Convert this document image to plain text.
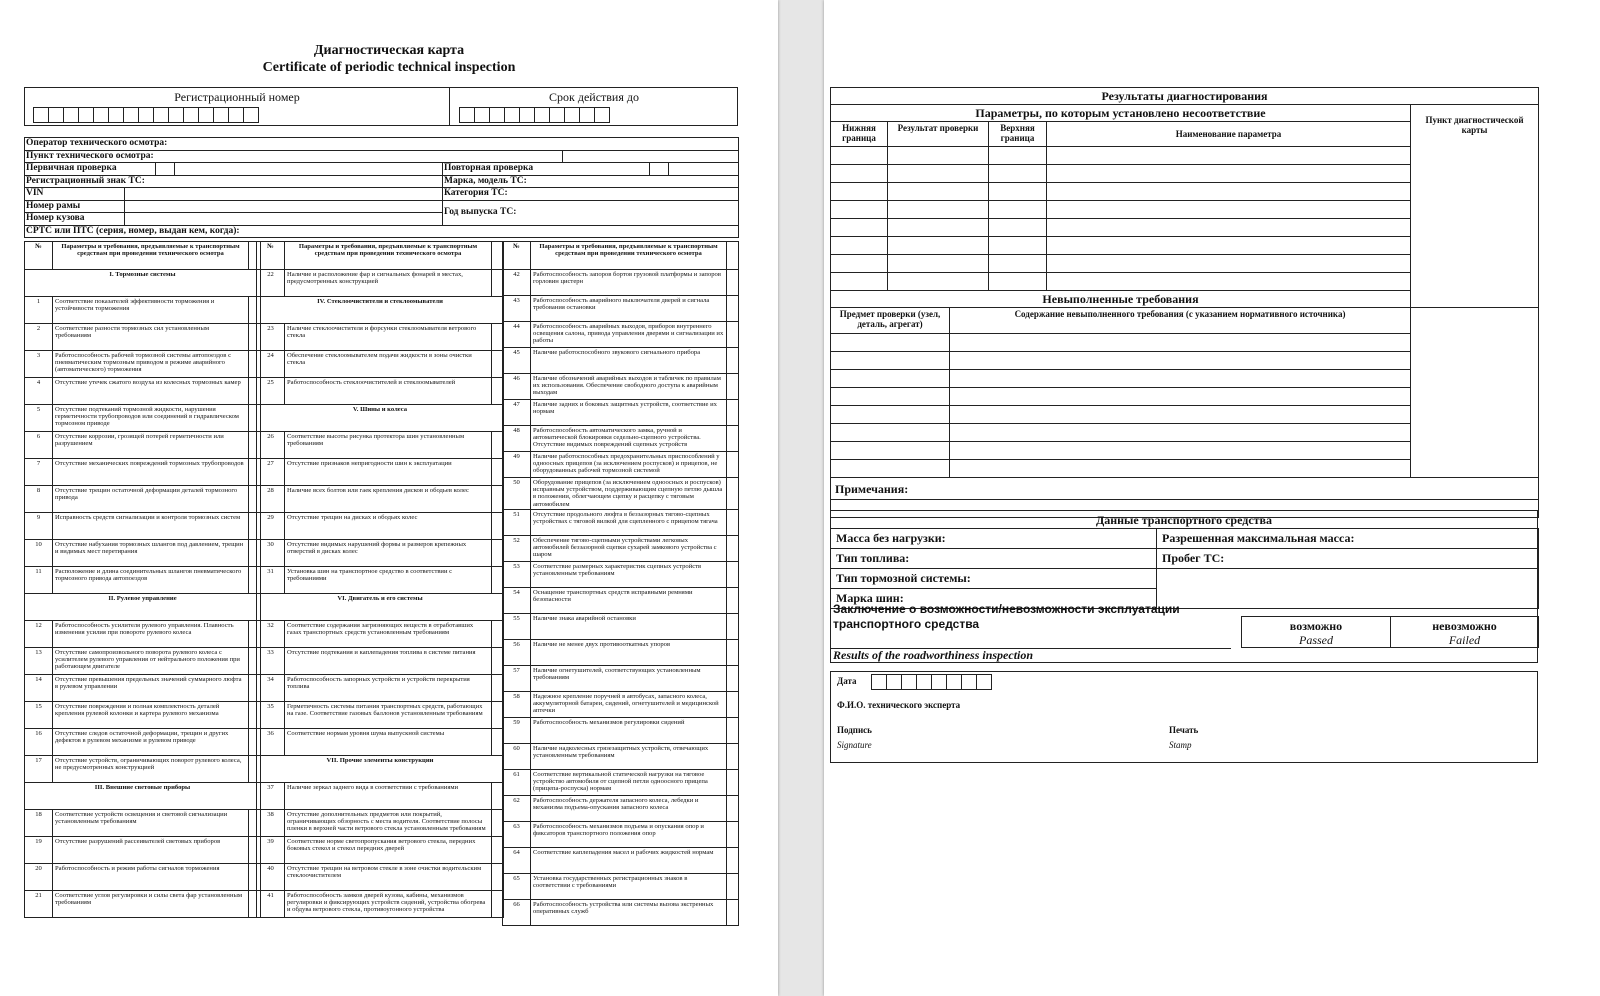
Диагностическая карта
Certificate of periodic technical inspection
Регистрационный номер	Срок действия до
Оператор технического осмотра:			
Пункт технического осмотра:			
Первичная проверка		Повторная проверка	

Регистрационный знак ТС:		Марка, модель ТС:	
VIN		Категория ТС:	
Номер рамы		Год выпуска ТС:	
Номер кузова			
СРТС или ПТС (серия, номер, выдан кем, когда):			
№	Параметры и требования, предъявляемые к транспортным средствам при проведении технического осмотра	
I. Тормозные системы		
1	Соответствие показателей эффективности торможения и устойчивости торможения	
2	Соответствие разности тормозных сил установленным требованиям	
3	Работоспособность рабочей тормозной системы автопоездов с пневматическим тормозным приводом в режиме аварийного (автоматического) торможения	
4	Отсутствие утечек сжатого воздуха из колесных тормозных камер	
5	Отсутствие подтеканий тормозной жидкости, нарушения герметичности трубопроводов или соединений в гидравлическом тормозном приводе	
6	Отсутствие коррозии, грозящей потерей герметичности или разрушением	
7	Отсутствие механических повреждений тормозных трубопроводов	
8	Отсутствие трещин остаточной деформации деталей тормозного привода	
9	Исправность средств сигнализации и контроля тормозных систем	
10	Отсутствие набухания тормозных шлангов под давлением, трещин и видимых мест перетирания	
11	Расположение и длина соединительных шлангов пневматического тормозного привода автопоездов	
II. Рулевое управление		
12	Работоспособность усилителя рулевого управления. Плавность изменения усилия при повороте рулевого колеса	
13	Отсутствие самопроизвольного поворота рулевого колеса с усилителем рулевого управления от нейтрального положения при работающем двигателе	
14	Отсутствие превышения предельных значений суммарного люфта в рулевом управлении	
15	Отсутствие повреждения и полная комплектность деталей крепления рулевой колонки и картера рулевого механизма	
16	Отсутствие следов остаточной деформации, трещин и других дефектов в рулевом механизме и рулевом приводе	
17	Отсутствие устройств, ограничивающих поворот рулевого колеса, не предусмотренных конструкцией	
III. Внешние световые приборы		
18	Соответствие устройств освещения и световой сигнализации установленным требованиям	
19	Отсутствие разрушений рассеивателей световых приборов	
20	Работоспособность и режим работы сигналов торможения	
21	Соответствие углов регулировки и силы света фар установленным требованиям	
№	Параметры и требования, предъявляемые к транспортным средствам при проведении технического осмотра	
22	Наличие и расположение фар и сигнальных фонарей в местах, предусмотренных конструкцией	
IV. Стеклоочистители и стеклоомыватели		
23	Наличие стеклоочистителя и форсунки стеклоомывателя ветрового стекла	
24	Обеспечение стеклоомывателем подачи жидкости в зоны очистки стекла	
25	Работоспособность стеклоочистителей и стеклоомывателей	
V. Шины и колеса		
26	Соответствие высоты рисунка протектора шин установленным требованиям	
27	Отсутствие признаков непригодности шин к эксплуатации	
28	Наличие всех болтов или гаек крепления дисков и ободьев колес	
29	Отсутствие трещин на дисках и ободьях колес	
30	Отсутствие видимых нарушений формы и размеров крепежных отверстий в дисках колес	
31	Установка шин на транспортное средство в соответствии с требованиями	
VI. Двигатель и его системы		
32	Соответствие содержания загрязняющих веществ в отработавших газах транспортных средств установленным требованиям	
33	Отсутствие подтекания и каплепадения топлива в системе питания	
34	Работоспособность запорных устройств и устройств перекрытия топлива	
35	Герметичность системы питания транспортных средств, работающих на газе. Соответствие газовых баллонов установленным требованиям	
36	Соответствие нормам уровня шума выпускной системы	
VII. Прочие элементы конструкции		
37	Наличие зеркал заднего вида в соответствии с требованиями	
38	Отсутствие дополнительных предметов или покрытий, ограничивающих обзорность с места водителя. Соответствие полосы пленки в верхней части ветрового стекла установленным требованиям	
39	Соответствие норме светопропускания ветрового стекла, передних боковых стекол и стекол передних дверей	
40	Отсутствие трещин на ветровом стекле в зоне очистки водительским стеклоочистителем	
41	Работоспособность замков дверей кузова, кабины, механизмов регулировки и фиксирующих устройств сидений, устройства обогрева и обдува ветрового стекла, противоугонного устройства	
№	Параметры и требования, предъявляемые к транспортным средствам при проведении технического осмотра	
42	Работоспособность запоров бортов грузовой платформы и запоров горловин цистерн	
43	Работоспособность аварийного выключателя дверей и сигнала требования остановки	
44	Работоспособность аварийных выходов, приборов внутреннего освещения салона, привода управления дверями и сигнализации их работы	
45	Наличие работоспособного звукового сигнального прибора	
46	Наличие обозначений аварийных выходов и табличек по правилам их использования. Обеспечение свободного доступа к аварийным выходам	
47	Наличие задних и боковых защитных устройств, соответствие их нормам	
48	Работоспособность автоматического замка, ручной и автоматической блокировки седельно-сцепного устройства. Отсутствие видимых повреждений сцепных устройств	
49	Наличие работоспособных предохранительных приспособлений у одноосных прицепов (за исключением роспусков) и прицепов, не оборудованных рабочей тормозной системой	
50	Оборудование прицепов (за исключением одноосных и роспусков) исправным устройством, поддерживающим сцепную петлю дышла в положении, облегчающем сцепку и расцепку с тяговым автомобилем	
51	Отсутствие продольного люфта в беззазорных тягово-сцепных устройствах с тяговой вилкой для сцепленного с прицепом тягача	
52	Обеспечение тягово-сцепными устройствами легковых автомобилей беззазорной сцепки сухарей замкового устройства с шаром	
53	Соответствие размерных характеристик сцепных устройств установленным требованиям	
54	Оснащение транспортных средств исправными ремнями безопасности	
55	Наличие знака аварийной остановки	
56	Наличие не менее двух противооткатных упоров	
57	Наличие огнетушителей, соответствующих установленным требованиям	
58	Надежное крепление поручней в автобусах, запасного колеса, аккумуляторной батареи, сидений, огнетушителей и медицинской аптечки	
59	Работоспособность механизмов регулировки сидений	
60	Наличие надколесных грязезащитных устройств, отвечающих установленным требованиям	
61	Соответствие вертикальной статической нагрузки на тяговое устройство автомобиля от сцепной петли одноосного прицепа (прицепа-роспуска) нормам	
62	Работоспособность держателя запасного колеса, лебедки и механизма подъема-опускания запасного колеса	
63	Работоспособность механизмов подъема и опускания опор и фиксаторов транспортного положения опор	
64	Соответствие каплепадения масел и рабочих жидкостей нормам	
65	Установка государственных регистрационных знаков в соответствии с требованиями	
66	Работоспособность устройства или системы вызова экстренных оперативных служб	
Результаты диагностирования				
Параметры, по которым установлено несоответствие				Пункт диагностической карты
Нижняя граница	Результат проверки	Верхняя граница	Наименование параметра	

Невыполненные требования				
Предмет проверки (узел, деталь, агрегат)	Содержание невыполненного требования (с указанием нормативного источника)	

Примечания:		

Данные транспортного средства
Масса без нагрузки:	Разрешенная максимальная масса:
Тип топлива:	Пробег ТС:
Тип тормозной системы:	
Марка шин:	
Заключение о возможности/невозможности эксплуатации транспортного средства	возможно
Passed
невозможно
Failed
Results of the roadworthiness inspection
Дата
Ф.И.О. технического эксперта
Подпись
Signature
Печать
Stamp
